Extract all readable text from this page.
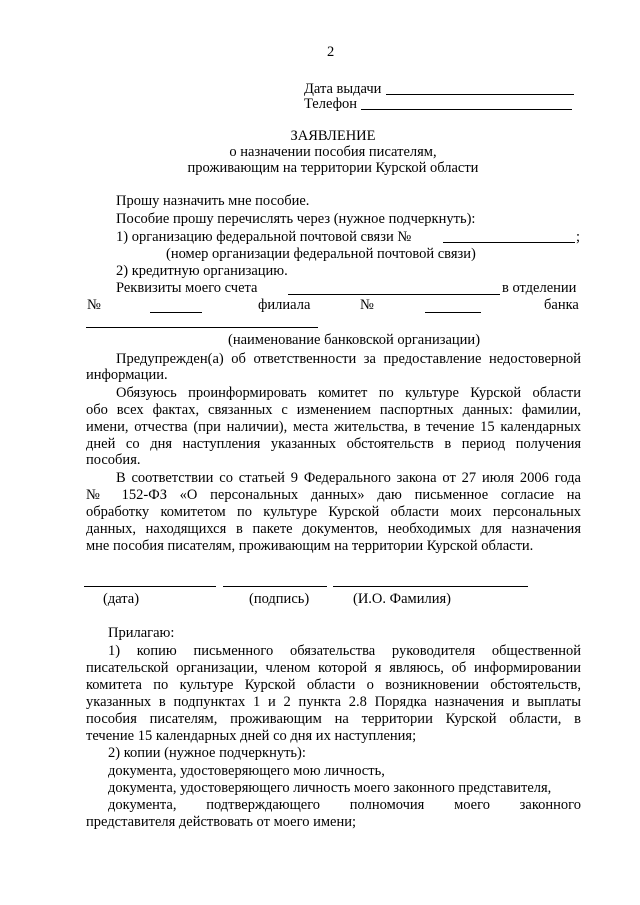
2
Дата выдачи
Телефон
ЗАЯВЛЕНИЕ
о назначении пособия писателям,
проживающим на территории Курской области
Прошу назначить мне пособие.
Пособие прошу перечислять через (нужное подчеркнуть):
1) организацию федеральной почтовой связи №	;
(номер организации федеральной почтовой связи)
2) кредитную организацию.
Реквизиты моего счета	в отделении
№	филиала	№	банка
(наименование банковской организации)
Предупрежден(а) об ответственности за предоставление недостоверной
информации.
Обязуюсь проинформировать комитет по культуре Курской области
обо всех фактах, связанных с изменением паспортных данных: фамилии,
имени, отчества (при наличии), места жительства, в течение 15 календарных
дней со дня наступления указанных обстоятельств в период получения
пособия.
В соответствии со статьей 9 Федерального закона от 27 июля 2006 года
№ 152-ФЗ «О персональных данных» даю письменное согласие на
обработку комитетом по культуре Курской области моих персональных
данных, находящихся в пакете документов, необходимых для назначения
мне пособия писателям, проживающим на территории Курской области.
(дата)	(подпись)	(И.О. Фамилия)
Прилагаю:
1) копию письменного обязательства руководителя общественной
писательской организации, членом которой я являюсь, об информировании
комитета по культуре Курской области о возникновении обстоятельств,
указанных в подпунктах 1 и 2 пункта 2.8 Порядка назначения и выплаты
пособия писателям, проживающим на территории Курской области, в
течение 15 календарных дней со дня их наступления;
2) копии (нужное подчеркнуть):
документа, удостоверяющего мою личность,
документа, удостоверяющего личность моего законного представителя,
документа, подтверждающего полномочия моего законного
представителя действовать от моего имени;
